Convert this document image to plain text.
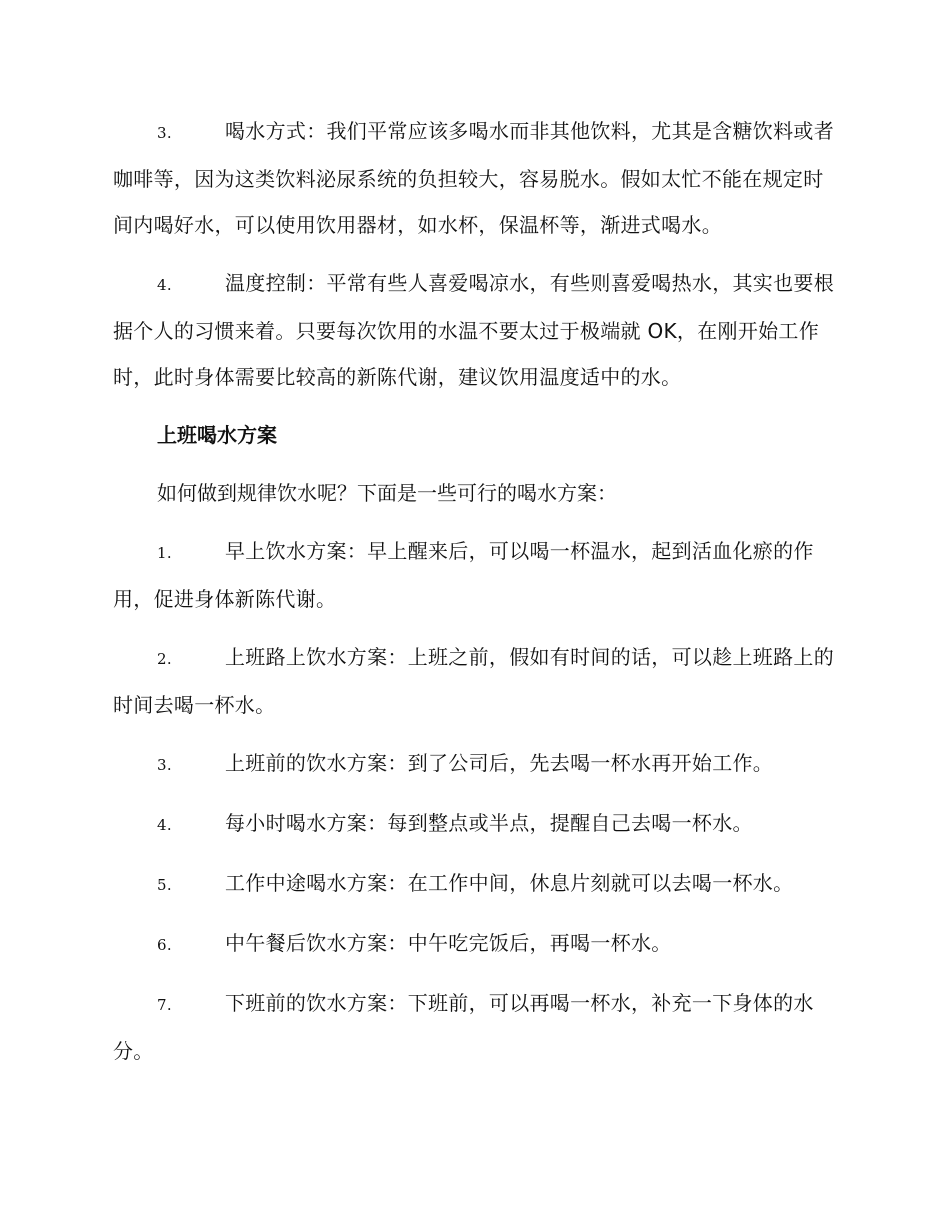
3.	喝水方式：我们平常应该多喝水而非其他饮料，尤其是含糖饮料或者咖啡等，因为这类饮料泌尿系统的负担较大，容易脱水。假如太忙不能在规定时间内喝好水，可以使用饮用器材，如水杯，保温杯等，渐进式喝水。

4.	温度控制：平常有些人喜爱喝凉水，有些则喜爱喝热水，其实也要根据个人的习惯来着。只要每次饮用的水温不要太过于极端就 OK，在刚开始工作时，此时身体需要比较高的新陈代谢，建议饮用温度适中的水。

上班喝水方案

如何做到规律饮水呢？下面是一些可行的喝水方案：

1.	早上饮水方案：早上醒来后，可以喝一杯温水，起到活血化瘀的作用，促进身体新陈代谢。

2.	上班路上饮水方案：上班之前，假如有时间的话，可以趁上班路上的时间去喝一杯水。

3.	上班前的饮水方案：到了公司后，先去喝一杯水再开始工作。

4.	每小时喝水方案：每到整点或半点，提醒自己去喝一杯水。

5.	工作中途喝水方案：在工作中间，休息片刻就可以去喝一杯水。

6.	中午餐后饮水方案：中午吃完饭后，再喝一杯水。

7.	下班前的饮水方案：下班前，可以再喝一杯水，补充一下身体的水分。
